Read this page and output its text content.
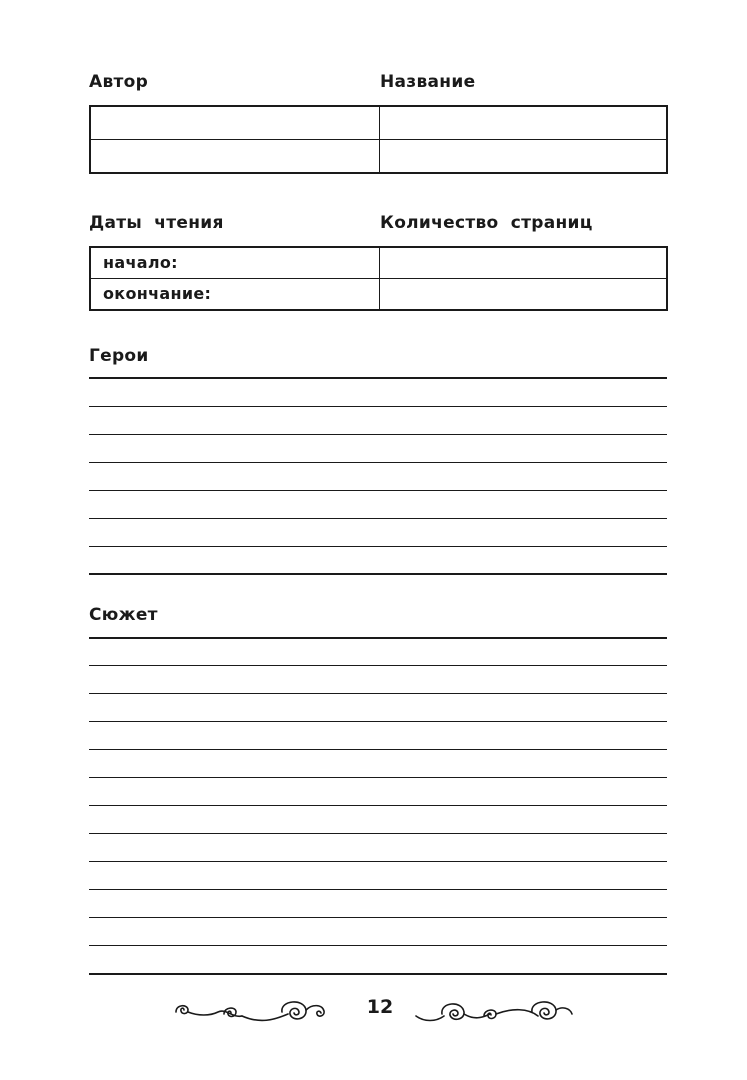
Автор	Название
Даты чтения	Количество страниц
начало:
окончание:
Герои
Сюжет
12
